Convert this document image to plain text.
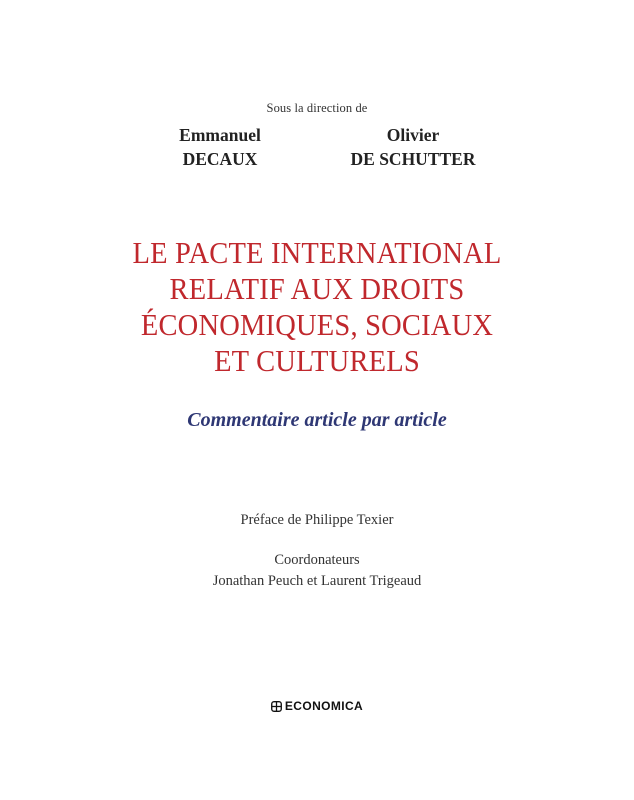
Sous la direction de
Emmanuel
DECAUX
Olivier
DE SCHUTTER
LE PACTE INTERNATIONAL
RELATIF AUX DROITS
ÉCONOMIQUES, SOCIAUX
ET CULTURELS
Commentaire article par article
Préface de Philippe Texier
Coordonateurs
Jonathan Peuch et Laurent Trigeaud
ECONOMICA
